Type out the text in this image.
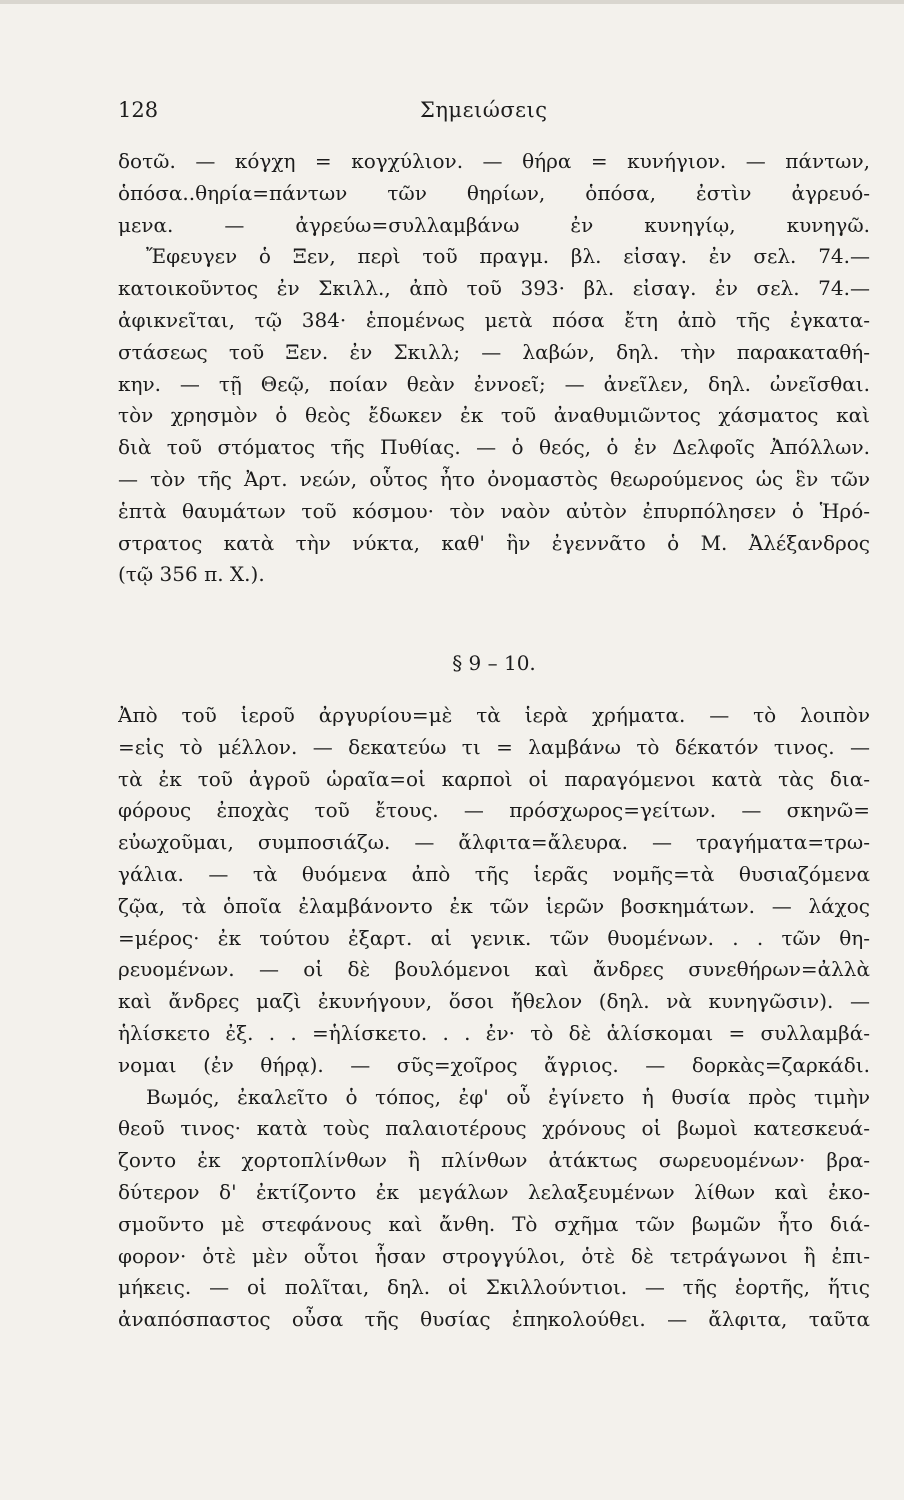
128	Σημειώσεις
δοτῶ. — κόγχη = κογχύλιον. — θήρα = κυνήγιον. — πάντων,
ὁπόσα..θηρία=πάντων τῶν θηρίων, ὁπόσα, ἐστὶν ἀγρευό-
μενα. — ἀγρεύω=συλλαμβάνω ἐν κυνηγίῳ, κυνηγῶ.
Ἔφευγεν ὁ Ξεν, περὶ τοῦ πραγμ. βλ. εἰσαγ. ἐν σελ. 74.—
κατοικοῦντος ἐν Σκιλλ., ἀπὸ τοῦ 393· βλ. εἰσαγ. ἐν σελ. 74.—
ἀφικνεῖται, τῷ 384· ἑπομένως μετὰ πόσα ἔτη ἀπὸ τῆς ἐγκατα-
στάσεως τοῦ Ξεν. ἐν Σκιλλ; — λαβών, δηλ. τὴν παρακαταθή-
κην. — τῇ Θεῷ, ποίαν θεὰν ἐννοεῖ; — ἀνεῖλεν, δηλ. ὠνεῖσθαι.
τὸν χρησμὸν ὁ θεὸς ἔδωκεν ἐκ τοῦ ἀναθυμιῶντος χάσματος καὶ
διὰ τοῦ στόματος τῆς Πυθίας. — ὁ θεός, ὁ ἐν Δελφοῖς Ἀπόλλων.
— τὸν τῆς Ἀρτ. νεών, οὗτος ἦτο ὀνομαστὸς θεωρούμενος ὡς ἓν τῶν
ἑπτὰ θαυμάτων τοῦ κόσμου· τὸν ναὸν αὐτὸν ἐπυρπόλησεν ὁ Ἡρό-
στρατος κατὰ τὴν νύκτα, καθ' ἣν ἐγεννᾶτο ὁ Μ. Ἀλέξανδρος
(τῷ 356 π. Χ.).
§ 9 – 10.
Ἀπὸ τοῦ ἱεροῦ ἀργυρίου=μὲ τὰ ἱερὰ χρήματα. — τὸ λοιπὸν
=εἰς τὸ μέλλον. — δεκατεύω τι = λαμβάνω τὸ δέκατόν τινος. —
τὰ ἐκ τοῦ ἀγροῦ ὡραῖα=οἱ καρποὶ οἱ παραγόμενοι κατὰ τὰς δια-
φόρους ἐποχὰς τοῦ ἔτους. — πρόσχωρος=γείτων. — σκηνῶ=
εὐωχοῦμαι, συμποσιάζω. — ἄλφιτα=ἄλευρα. — τραγήματα=τρω-
γάλια. — τὰ θυόμενα ἀπὸ τῆς ἱερᾶς νομῆς=τὰ θυσιαζόμενα
ζῷα, τὰ ὁποῖα ἐλαμβάνοντο ἐκ τῶν ἱερῶν βοσκημάτων. — λάχος
=μέρος· ἐκ τούτου ἐξαρτ. αἱ γενικ. τῶν θυομένων. . . τῶν θη-
ρευομένων. — οἱ δὲ βουλόμενοι καὶ ἄνδρες συνεθήρων=ἀλλὰ
καὶ ἄνδρες μαζὶ ἐκυνήγουν, ὅσοι ἤθελον (δηλ. νὰ κυνηγῶσιν). —
ἡλίσκετο ἐξ. . . =ἡλίσκετο. . . ἐν· τὸ δὲ ἁλίσκομαι = συλλαμβά-
νομαι (ἐν θήρᾳ). — σῦς=χοῖρος ἄγριος. — δορκὰς=ζαρκάδι.
Βωμός, ἐκαλεῖτο ὁ τόπος, ἐφ' οὗ ἐγίνετο ἡ θυσία πρὸς τιμὴν
θεοῦ τινος· κατὰ τοὺς παλαιοτέρους χρόνους οἱ βωμοὶ κατεσκευά-
ζοντο ἐκ χορτοπλίνθων ἢ πλίνθων ἀτάκτως σωρευομένων· βρα-
δύτερον δ' ἐκτίζοντο ἐκ μεγάλων λελαξευμένων λίθων καὶ ἐκο-
σμοῦντο μὲ στεφάνους καὶ ἄνθη. Τὸ σχῆμα τῶν βωμῶν ἦτο διά-
φορον· ὁτὲ μὲν οὗτοι ἦσαν στρογγύλοι, ὁτὲ δὲ τετράγωνοι ἢ ἐπι-
μήκεις. — οἱ πολῖται, δηλ. οἱ Σκιλλούντιοι. — τῆς ἑορτῆς, ἥτις
ἀναπόσπαστος οὖσα τῆς θυσίας ἐπηκολούθει. — ἄλφιτα, ταῦτα
